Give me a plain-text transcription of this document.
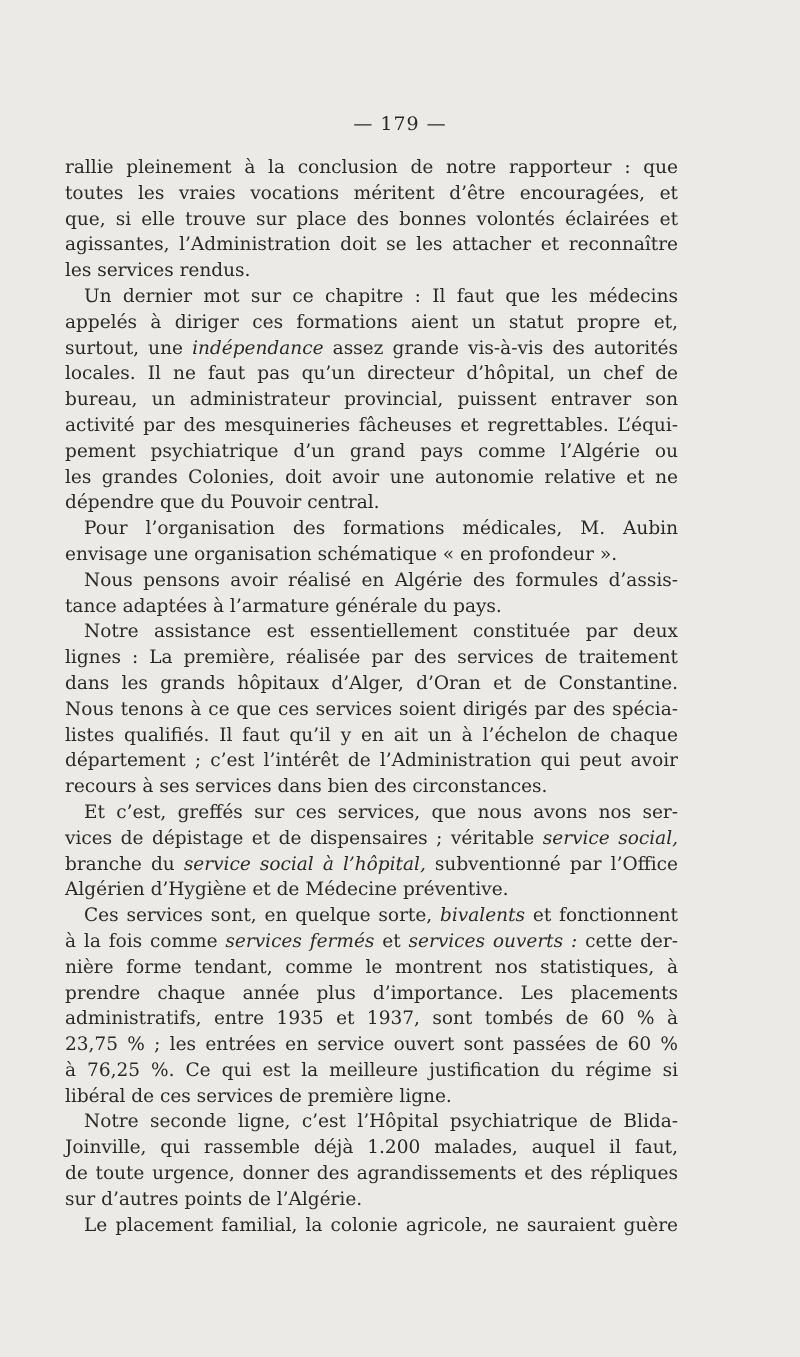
— 179 —
rallie pleinement à la conclusion de notre rapporteur : que
toutes les vraies vocations méritent d’être encouragées, et
que, si elle trouve sur place des bonnes volontés éclairées et
agissantes, l’Administration doit se les attacher et reconnaître
les services rendus.
Un dernier mot sur ce chapitre : Il faut que les médecins
appelés à diriger ces formations aient un statut propre et,
surtout, une indépendance assez grande vis-à-vis des autorités
locales. Il ne faut pas qu’un directeur d’hôpital, un chef de
bureau, un administrateur provincial, puissent entraver son
activité par des mesquineries fâcheuses et regrettables. L’équi-
pement psychiatrique d’un grand pays comme l’Algérie ou
les grandes Colonies, doit avoir une autonomie relative et ne
dépendre que du Pouvoir central.
Pour l’organisation des formations médicales, M. Aubin
envisage une organisation schématique « en profondeur ».
Nous pensons avoir réalisé en Algérie des formules d’assis-
tance adaptées à l’armature générale du pays.
Notre assistance est essentiellement constituée par deux
lignes : La première, réalisée par des services de traitement
dans les grands hôpitaux d’Alger, d’Oran et de Constantine.
Nous tenons à ce que ces services soient dirigés par des spécia-
listes qualifiés. Il faut qu’il y en ait un à l’échelon de chaque
département ; c’est l’intérêt de l’Administration qui peut avoir
recours à ses services dans bien des circonstances.
Et c’est, greffés sur ces services, que nous avons nos ser-
vices de dépistage et de dispensaires ; véritable service social,
branche du service social à l’hôpital, subventionné par l’Office
Algérien d’Hygiène et de Médecine préventive.
Ces services sont, en quelque sorte, bivalents et fonctionnent
à la fois comme services fermés et services ouverts : cette der-
nière forme tendant, comme le montrent nos statistiques, à
prendre chaque année plus d’importance. Les placements
administratifs, entre 1935 et 1937, sont tombés de 60 % à
23,75 % ; les entrées en service ouvert sont passées de 60 %
à 76,25 %. Ce qui est la meilleure justification du régime si
libéral de ces services de première ligne.
Notre seconde ligne, c’est l’Hôpital psychiatrique de Blida-
Joinville, qui rassemble déjà 1.200 malades, auquel il faut,
de toute urgence, donner des agrandissements et des répliques
sur d’autres points de l’Algérie.
Le placement familial, la colonie agricole, ne sauraient guère
